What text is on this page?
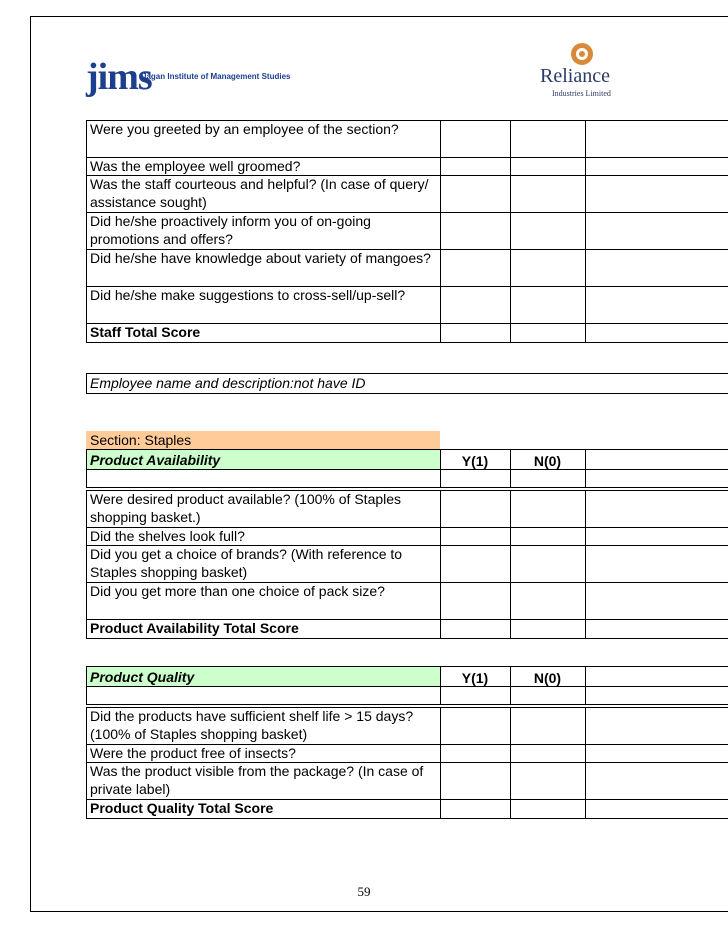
jims
Jagan Institute of Management Studies	Reliance
Industries Limited
Were you greeted by an employee of the section?
Was the employee well groomed?
Was the staff courteous and helpful? (In case of query/ assistance sought)
Did he/she proactively inform you of on-going promotions and offers?
Did he/she have knowledge about variety of mangoes?
Did he/she make suggestions to cross-sell/up-sell?
Staff Total Score
Employee name and description:not have ID
Section: Staples
Product Availability	Y(1)	N(0)
Were desired product available? (100% of Staples shopping basket.)
Did the shelves look full?
Did you get a choice of brands? (With reference to Staples shopping basket)
Did you get more than one choice of pack size?
Product Availability Total Score
Product Quality	Y(1)	N(0)
Did the products have sufficient shelf life > 15 days? (100% of Staples shopping basket)
Were the product free of insects?
Was the product visible from the package? (In case of private label)
Product Quality Total Score
59
